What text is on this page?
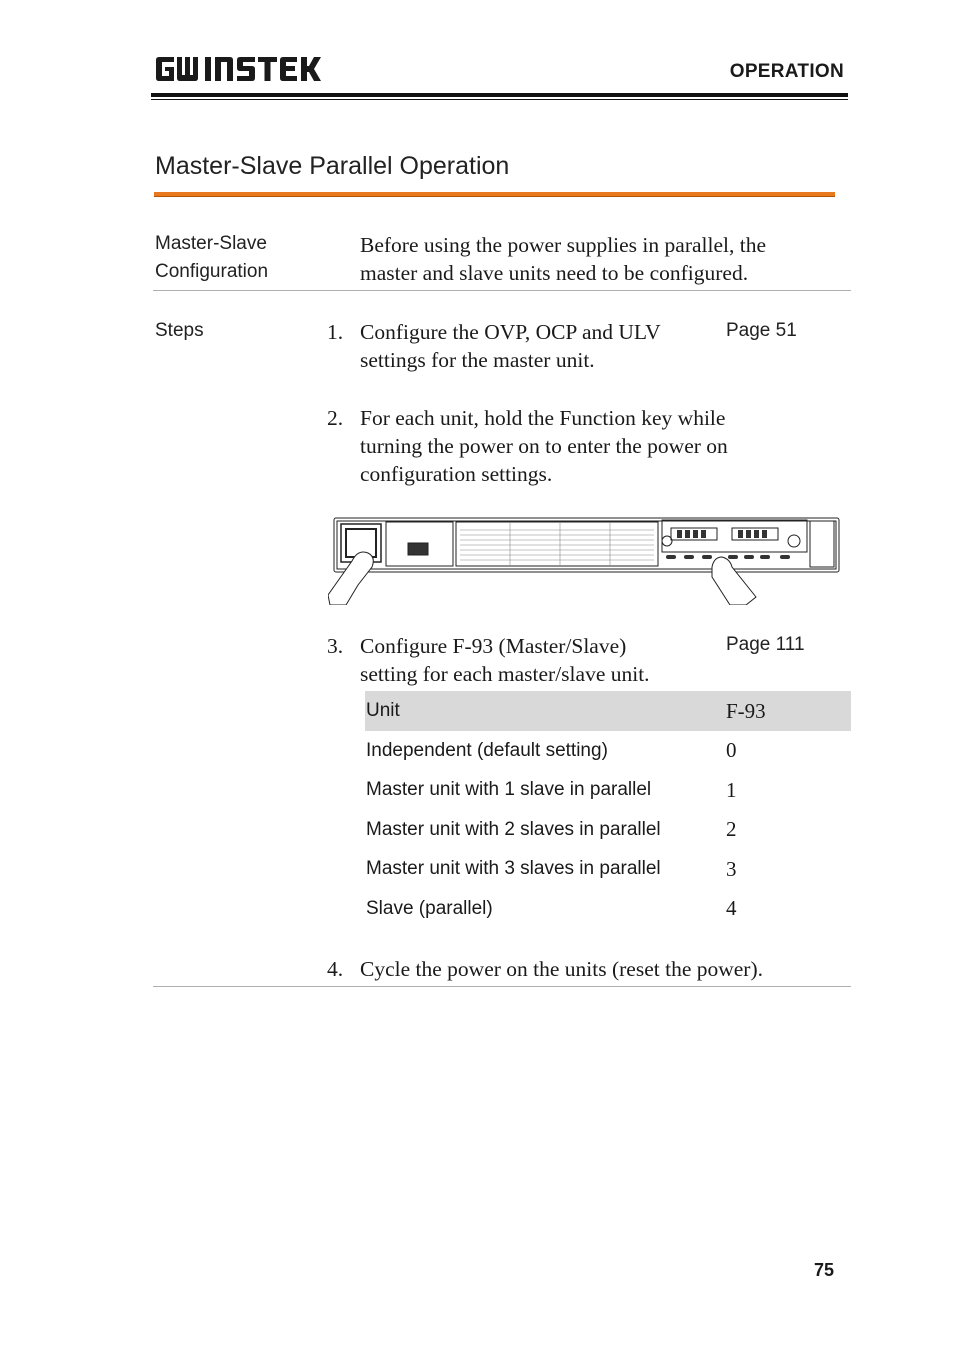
OPERATION
Master-Slave Parallel Operation
Master-Slave
Configuration
Before using the power supplies in parallel, the
master and slave units need to be configured.
Steps	1. Configure the OVP, OCP and ULV
settings for the master unit.
Page 51
2. For each unit, hold the Function key while
turning the power on to enter the power on
configuration settings.
3. Configure F-93 (Master/Slave)
setting for each master/slave unit.
Page 111
Unit	F-93
Independent (default setting)	0
Master unit with 1 slave in parallel	1
Master unit with 2 slaves in parallel	2
Master unit with 3 slaves in parallel	3
Slave (parallel)	4
4. Cycle the power on the units (reset the power).
75
